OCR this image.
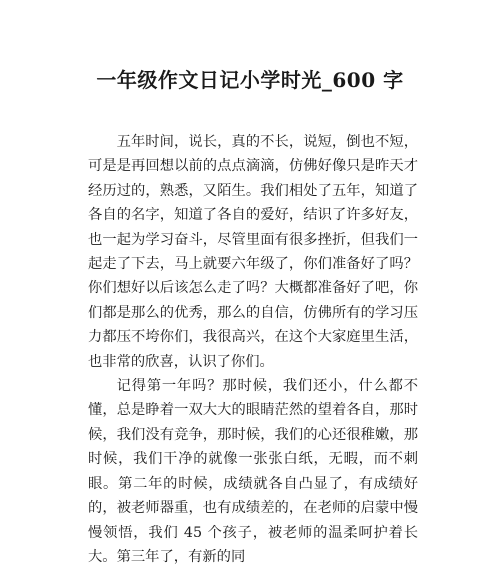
一年级作文日记小学时光_600 字

五年时间，说长，真的不长，说短，倒也不短，可是是再回想以前的点点滴滴，仿佛好像只是昨天才经历过的，熟悉，又陌生。我们相处了五年，知道了各自的名字，知道了各自的爱好，结识了许多好友，也一起为学习奋斗，尽管里面有很多挫折，但我们一起走了下去，马上就要六年级了，你们准备好了吗？你们想好以后该怎么走了吗？大概都准备好了吧，你们都是那么的优秀，那么的自信，仿佛所有的学习压力都压不垮你们，我很高兴，在这个大家庭里生活，也非常的欣喜，认识了你们。

记得第一年吗？那时候，我们还小，什么都不懂，总是睁着一双大大的眼睛茫然的望着各自，那时候，我们没有竞争，那时候，我们的心还很稚嫩，那时候，我们干净的就像一张张白纸，无暇，而不刺眼。第二年的时候，成绩就各自凸显了，有成绩好的，被老师器重，也有成绩差的，在老师的启蒙中慢慢领悟，我们 45 个孩子，被老师的温柔呵护着长大。第三年了，有新的同
